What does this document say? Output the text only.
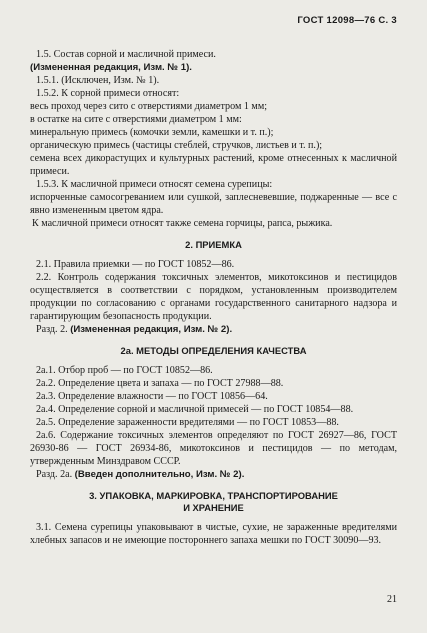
ГОСТ 12098—76 С. 3

1.5. Состав сорной и масличной примеси.

(Измененная редакция, Изм. № 1).

1.5.1. (Исключен, Изм. № 1).

1.5.2. К сорной примеси относят:

весь проход через сито с отверстиями диаметром 1 мм;

в остатке на сите с отверстиями диаметром 1 мм:

минеральную примесь (комочки земли, камешки и т. п.);

органическую примесь (частицы стеблей, стручков, листьев и т. п.);

семена всех дикорастущих и культурных растений, кроме отнесенных к масличной примеси.

1.5.3. К масличной примеси относят семена сурепицы:

испорченные самосогреванием или сушкой, заплесневевшие, поджаренные — все с явно измененным цветом ядра.

К масличной примеси относят также семена горчицы, рапса, рыжика.

2. ПРИЕМКА

2.1. Правила приемки — по ГОСТ 10852—86.

2.2. Контроль содержания токсичных элементов, микотоксинов и пестицидов осуществляется в соответствии с порядком, установленным производителем продукции по согласованию с органами государственного санитарного надзора и гарантирующим безопасность продукции.

Разд. 2. (Измененная редакция, Изм. № 2).

2а. МЕТОДЫ ОПРЕДЕЛЕНИЯ КАЧЕСТВА

2а.1. Отбор проб — по ГОСТ 10852—86.

2а.2. Определение цвета и запаха — по ГОСТ 27988—88.

2а.3. Определение влажности — по ГОСТ 10856—64.

2а.4. Определение сорной и масличной примесей — по ГОСТ 10854—88.

2а.5. Определение зараженности вредителями — по ГОСТ 10853—88.

2а.6. Содержание токсичных элементов определяют по ГОСТ 26927—86, ГОСТ 26930-86 — ГОСТ 26934-86, микотоксинов и пестицидов — по методам, утвержденным Минздравом СССР.

Разд. 2а. (Введен дополнительно, Изм. № 2).

3. УПАКОВКА, МАРКИРОВКА, ТРАНСПОРТИРОВАНИЕ
И ХРАНЕНИЕ

3.1. Семена сурепицы упаковывают в чистые, сухие, не зараженные вредителями хлебных запасов и не имеющие постороннего запаха мешки по ГОСТ 30090—93.

21
